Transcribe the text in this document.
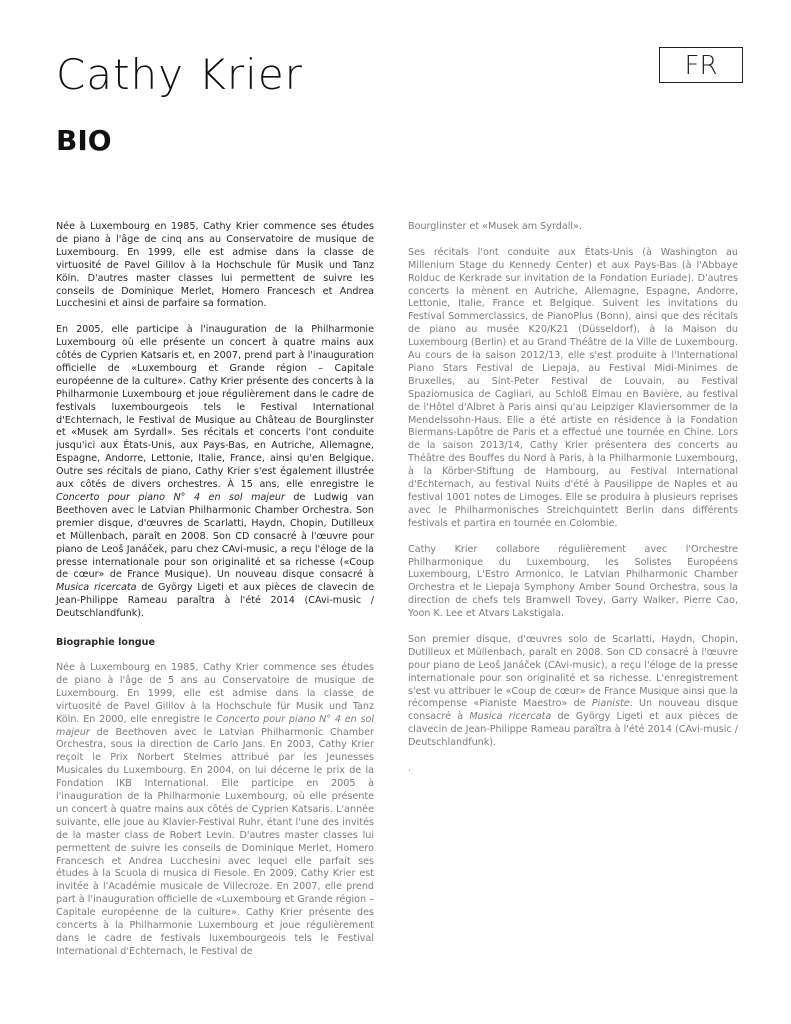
Cathy Krier	FR
BIO

Née à Luxembourg en 1985, Cathy Krier commence ses études de piano à l'âge de cinq ans au Conservatoire de musique de Luxembourg. En 1999, elle est admise dans la classe de virtuosité de Pavel Gililov à la Hochschule für Musik und Tanz Köln. D'autres master classes lui permettent de suivre les conseils de Dominique Merlet, Homero Francesch et Andrea Lucchesini et ainsi de parfaire sa formation.

En 2005, elle participe à l'inauguration de la Philharmonie Luxembourg où elle présente un concert à quatre mains aux côtés de Cyprien Katsaris et, en 2007, prend part à l'inauguration officielle de «Luxembourg et Grande région – Capitale européenne de la culture». Cathy Krier présente des concerts à la Philharmonie Luxembourg et joue régulièrement dans le cadre de festivals luxembourgeois tels le Festival International d'Echternach, le Festival de Musique au Château de Bourglinster et «Musek am Syrdall». Ses récitals et concerts l'ont conduite jusqu'ici aux États-Unis, aux Pays-Bas, en Autriche, Allemagne, Espagne, Andorre, Lettonie, Italie, France, ainsi qu'en Belgique. Outre ses récitals de piano, Cathy Krier s'est également illustrée aux côtés de divers orchestres. À 15 ans, elle enregistre le Concerto pour piano N° 4 en sol majeur de Ludwig van Beethoven avec le Latvian Philharmonic Chamber Orchestra. Son premier disque, d'œuvres de Scarlatti, Haydn, Chopin, Dutilleux et Müllenbach, paraît en 2008. Son CD consacré à l'œuvre pour piano de Leoš Janáček, paru chez CAvi-music, a reçu l'éloge de la presse internationale pour son originalité et sa richesse («Coup de cœur» de France Musique). Un nouveau disque consacré à Musica ricercata de György Ligeti et aux pièces de clavecin de Jean-Philippe Rameau paraîtra à l'été 2014 (CAvi-music / Deutschlandfunk).

Biographie longue

Née à Luxembourg en 1985, Cathy Krier commence ses études de piano à l'âge de 5 ans au Conservatoire de musique de Luxembourg. En 1999, elle est admise dans la classe de virtuosité de Pavel Gililov à la Hochschule für Musik und Tanz Köln. En 2000, elle enregistre le Concerto pour piano N° 4 en sol majeur de Beethoven avec le Latvian Philharmonic Chamber Orchestra, sous la direction de Carlo Jans. En 2003, Cathy Krier reçoit le Prix Norbert Stelmes attribué par les Jeunesses Musicales du Luxembourg. En 2004, on lui décerne le prix de la Fondation IKB International. Elle participe en 2005 à l'inauguration de la Philharmonie Luxembourg, où elle présente un concert à quatre mains aux côtés de Cyprien Katsaris. L'année suivante, elle joue au Klavier-Festival Ruhr, étant l'une des invités de la master class de Robert Levin. D'autres master classes lui permettent de suivre les conseils de Dominique Merlet, Homero Francesch et Andrea Lucchesini avec lequel elle parfait ses études à la Scuola di musica di Fiesole. En 2009, Cathy Krier est invitée à l'Académie musicale de Villecroze. En 2007, elle prend part à l'inauguration officielle de «Luxembourg et Grande région – Capitale européenne de la culture». Cathy Krier présente des concerts à la Philharmonie Luxembourg et joue régulièrement dans le cadre de festivals luxembourgeois tels le Festival International d'Echternach, le Festival de

Bourglinster et «Musek am Syrdall».

Ses récitals l'ont conduite aux États-Unis (à Washington au Millenium Stage du Kennedy Center) et aux Pays-Bas (à l'Abbaye Rolduc de Kerkrade sur invitation de la Fondation Euriade). D'autres concerts la mènent en Autriche, Allemagne, Espagne, Andorre, Lettonie, Italie, France et Belgique. Suivent les invitations du Festival Sommerclassics, de PianoPlus (Bonn), ainsi que des récitals de piano au musée K20/K21 (Düsseldorf), à la Maison du Luxembourg (Berlin) et au Grand Théâtre de la Ville de Luxembourg. Au cours de la saison 2012/13, elle s'est produite à l'International Piano Stars Festival de Liepaja, au Festival Midi-Minimes de Bruxelles, au Sint-Peter Festival de Louvain, au Festival Spaziomusica de Cagliari, au Schloß Elmau en Bavière, au festival de l'Hôtel d'Albret à Paris ainsi qu'au Leipziger Klaviersommer de la Mendelssohn-Haus. Elle a été artiste en résidence à la Fondation Biermans-Lapôtre de Paris et a effectué une tournée en Chine. Lors de la saison 2013/14, Cathy Krier présentera des concerts au Théâtre des Bouffes du Nord à Paris, à la Philharmonie Luxembourg, à la Körber-Stiftung de Hambourg, au Festival International d'Echternach, au festival Nuits d'été à Pausilippe de Naples et au festival 1001 notes de Limoges. Elle se produira à plusieurs reprises avec le Philharmonisches Streichquintett Berlin dans différents festivals et partira en tournée en Colombie.

Cathy Krier collabore régulièrement avec l'Orchestre Philharmonique du Luxembourg, les Solistes Européens Luxembourg, L'Estro Armonico, le Latvian Philharmonic Chamber Orchestra et le Liepaja Symphony Amber Sound Orchestra, sous la direction de chefs tels Bramwell Tovey, Garry Walker, Pierre Cao, Yoon K. Lee et Atvars Lakstigala.

Son premier disque, d'œuvres solo de Scarlatti, Haydn, Chopin, Dutilleux et Müllenbach, paraît en 2008. Son CD consacré à l'œuvre pour piano de Leoš Janáček (CAvi-music), a reçu l'éloge de la presse internationale pour son originalité et sa richesse. L'enregistrement s'est vu attribuer le «Coup de cœur» de France Musique ainsi que la récompense «Pianiste Maestro» de Pianiste. Un nouveau disque consacré à Musica ricercata de György Ligeti et aux pièces de clavecin de Jean-Philippe Rameau paraîtra à l'été 2014 (CAvi-music / Deutschlandfunk).

.
